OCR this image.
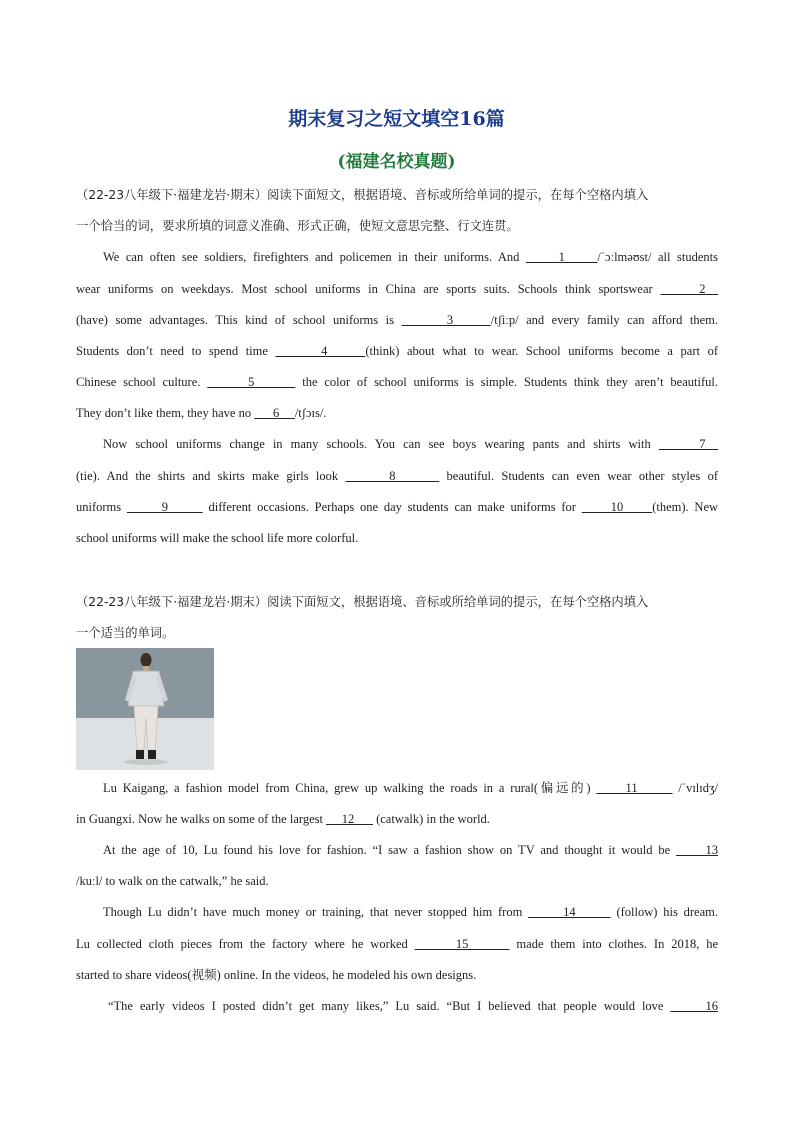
期末复习之短文填空16篇
(福建名校真题)
（22-23八年级下·福建龙岩·期末）阅读下面短文，根据语境、音标或所给单词的提示，在每个空格内填入
一个恰当的词，要求所填的词意义准确、形式正确，使短文意思完整、行文连贯。
We can often see soldiers, firefighters and policemen in their uniforms. And      1     /ˈɔːlməʊst/ all students
wear uniforms on weekdays. Most school uniforms in China are sports suits. Schools think sportswear      2
(have) some advantages. This kind of school uniforms is       3     /tʃiːp/ and every family can afford them.
Students don’t need to spend time       4     (think) about what to wear. School uniforms become a part of
Chinese school culture.       5       the color of school uniforms is simple. Students think they aren’t beautiful.
They don’t like them, they have no       6     /tʃɔɪs/.
Now school uniforms change in many schools. You can see boys wearing pants and shirts with      7
(tie). And the shirts and skirts make girls look       8       beautiful. Students can even wear other styles of
uniforms       9       different occasions. Perhaps one day students can make uniforms for      10     (them). New
school uniforms will make the school life more colorful.
（22-23八年级下·福建龙岩·期末）阅读下面短文，根据语境、音标或所给单词的提示，在每个空格内填入
一个适当的单词。
Lu Kaigang, a fashion model from China, grew up walking the roads in a rural(偏远的)      11       /ˈvɪlɪdʒ/
in Guangxi. Now he walks on some of the largest      12       (catwalk) in the world.
At the age of 10, Lu found his love for fashion. “I saw a fashion show on TV and thought it would be      13
/kuːl/ to walk on the catwalk,” he said.
Though Lu didn’t have much money or training, that never stopped him from       14       (follow) his dream.
Lu collected cloth pieces from the factory where he worked       15       made them into clothes. In 2018, he
started to share videos(视频) online. In the videos, he modeled his own designs.
“The early videos I posted didn’t get many likes,” Lu said. “But I believed that people would love      16
